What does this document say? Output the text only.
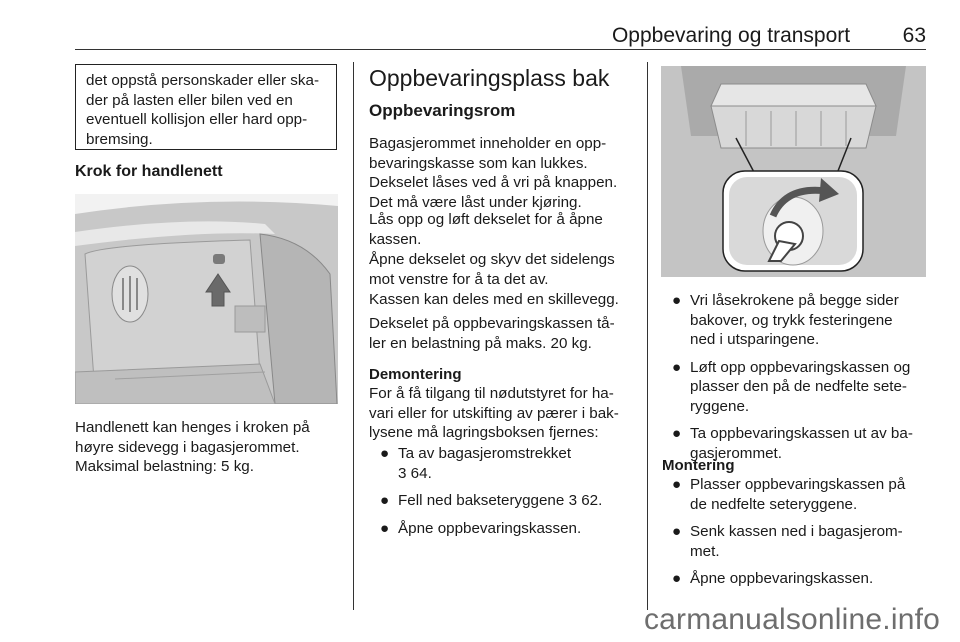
Oppbevaring og transport	63
det oppstå personskader eller ska-
der på lasten eller bilen ved en
eventuell kollisjon eller hard opp-
bremsing.
Krok for handlenett
Handlenett kan henges i kroken på
høyre sidevegg i bagasjerommet.
Maksimal belastning: 5 kg.
Oppbevaringsplass bak
Oppbevaringsrom
Bagasjerommet inneholder en opp-
bevaringskasse som kan lukkes.
Dekselet låses ved å vri på knappen.
Det må være låst under kjøring.
Lås opp og løft dekselet for å åpne
kassen.
Åpne dekselet og skyv det sidelengs
mot venstre for å ta det av.
Kassen kan deles med en skillevegg.
Dekselet på oppbevaringskassen tå-
ler en belastning på maks. 20 kg.
Demontering
For å få tilgang til nødutstyret for ha-
vari eller for utskifting av pærer i bak-
lysene må lagringsboksen fjernes:
● Ta av bagasjeromstrekket
3 64.
● Fell ned bakseteryggene 3 62.
● Åpne oppbevaringskassen.
● Vri låsekrokene på begge sider
bakover, og trykk festeringene
ned i utsparingene.
● Løft opp oppbevaringskassen og
plasser den på de nedfelte sete-
ryggene.
● Ta oppbevaringskassen ut av ba-
gasjerommet.
Montering
● Plasser oppbevaringskassen på
de nedfelte seteryggene.
● Senk kassen ned i bagasjerom-
met.
● Åpne oppbevaringskassen.
carmanualsonline.info
